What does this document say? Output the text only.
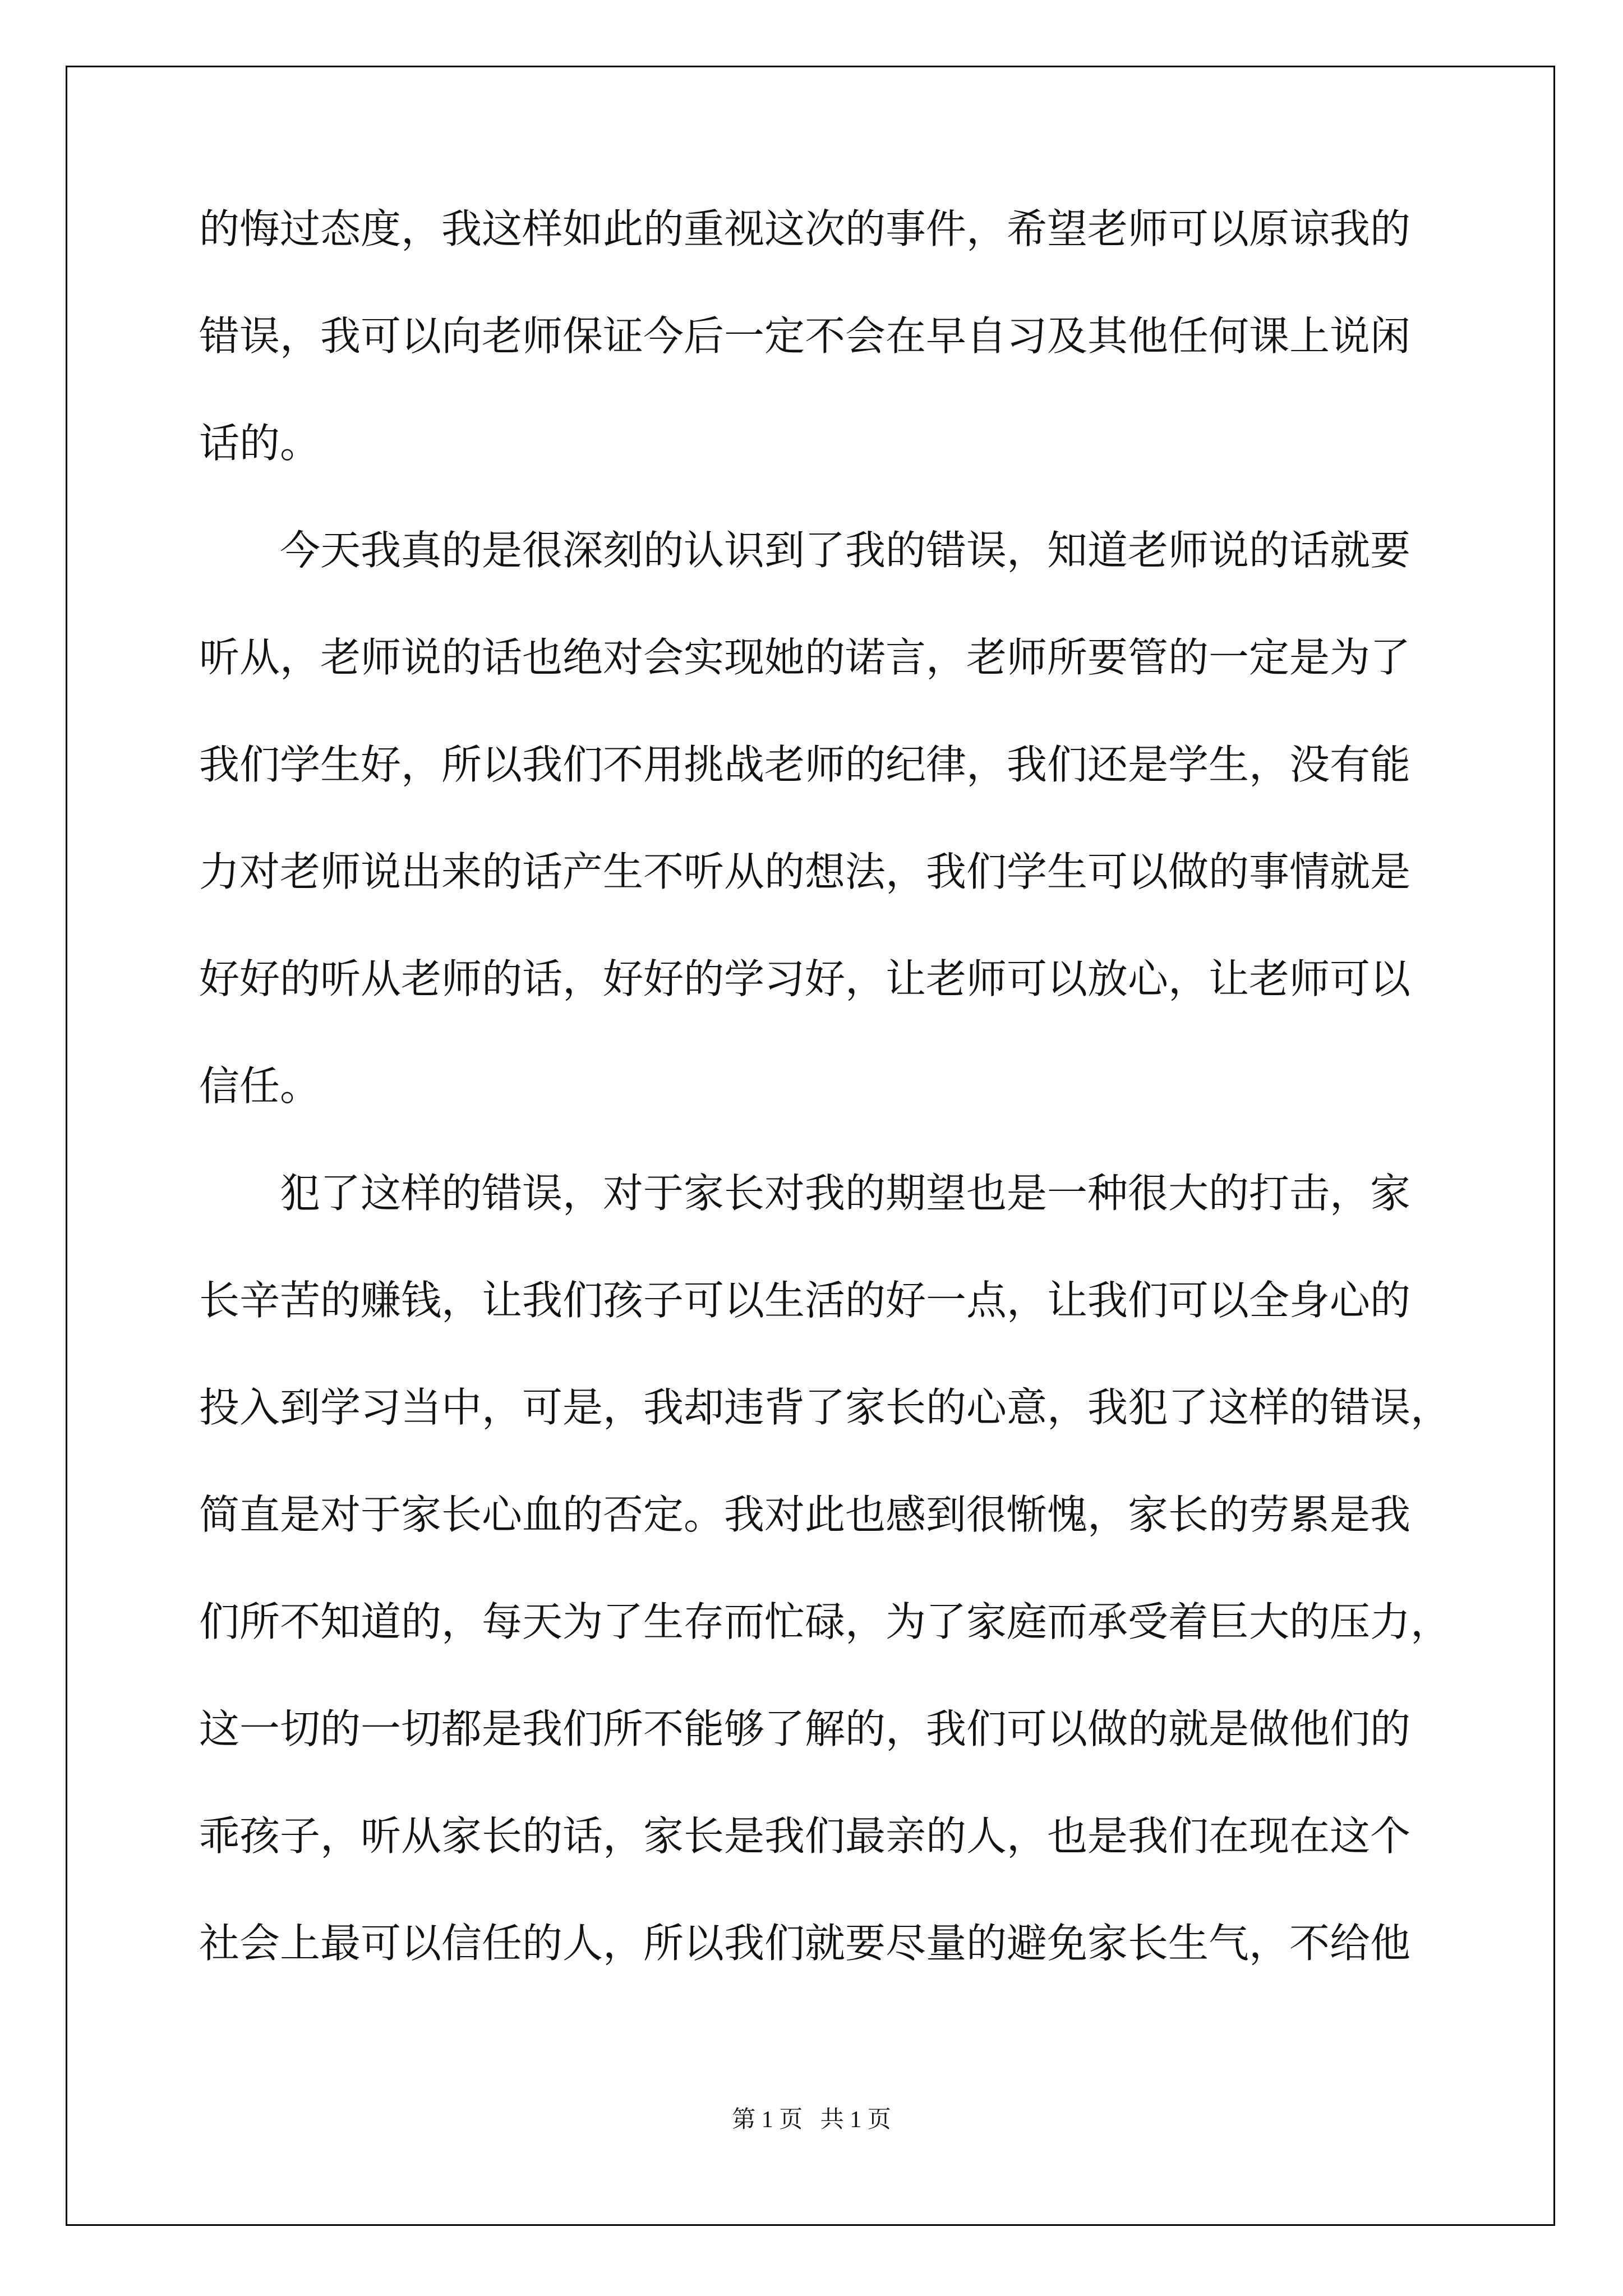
的悔过态度，我这样如此的重视这次的事件，希望老师可以原谅我的
错误，我可以向老师保证今后一定不会在早自习及其他任何课上说闲
话的。
今天我真的是很深刻的认识到了我的错误，知道老师说的话就要
听从，老师说的话也绝对会实现她的诺言，老师所要管的一定是为了
我们学生好，所以我们不用挑战老师的纪律，我们还是学生，没有能
力对老师说出来的话产生不听从的想法，我们学生可以做的事情就是
好好的听从老师的话，好好的学习好，让老师可以放心，让老师可以
信任。
犯了这样的错误，对于家长对我的期望也是一种很大的打击，家
长辛苦的赚钱，让我们孩子可以生活的好一点，让我们可以全身心的
投入到学习当中，可是，我却违背了家长的心意，我犯了这样的错误，
简直是对于家长心血的否定。我对此也感到很惭愧，家长的劳累是我
们所不知道的，每天为了生存而忙碌，为了家庭而承受着巨大的压力，
这一切的一切都是我们所不能够了解的，我们可以做的就是做他们的
乖孩子，听从家长的话，家长是我们最亲的人，也是我们在现在这个
社会上最可以信任的人，所以我们就要尽量的避免家长生气，不给他
第 1 页   共 1 页
